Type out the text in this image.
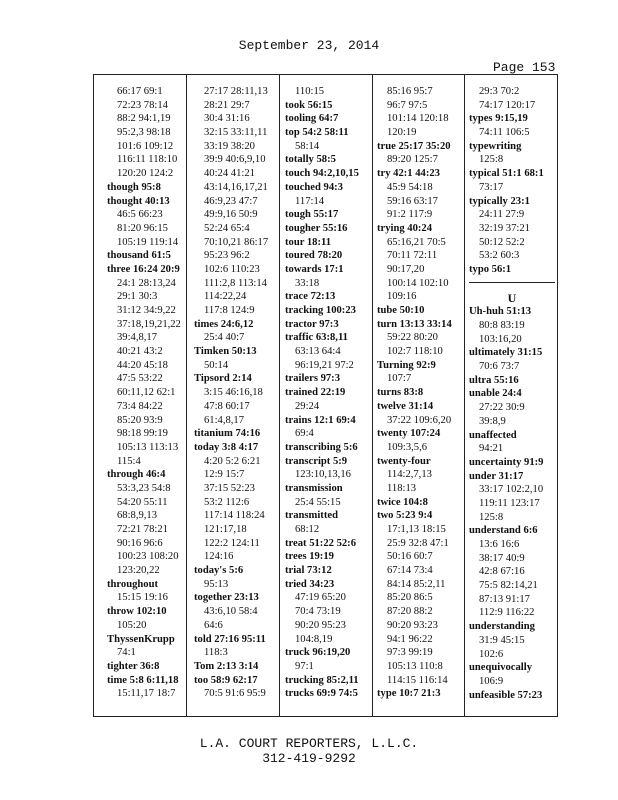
September 23, 2014
Page 153
66:17 69:1
72:23 78:14
88:2 94:1,19
95:2,3 98:18
101:6 109:12
116:11 118:10
120:20 124:2
though 95:8
thought 40:13
46:5 66:23
81:20 96:15
105:19 119:14
thousand 61:5
three 16:24 20:9
24:1 28:13,24
29:1 30:3
31:12 34:9,22
37:18,19,21,22
39:4,8,17
40:21 43:2
44:20 45:18
47:5 53:22
60:11,12 62:1
73:4 84:22
85:20 93:9
98:18 99:19
105:13 113:13
115:4
through 46:4
53:3,23 54:8
54:20 55:11
68:8,9,13
72:21 78:21
90:16 96:6
100:23 108:20
123:20,22
throughout
15:15 19:16
throw 102:10
105:20
ThyssenKrupp
74:1
tighter 36:8
time 5:8 6:11,18
15:11,17 18:7
27:17 28:11,13
28:21 29:7
30:4 31:16
32:15 33:11,11
33:19 38:20
39:9 40:6,9,10
40:24 41:21
43:14,16,17,21
46:9,23 47:7
49:9,16 50:9
52:24 65:4
70:10,21 86:17
95:23 96:2
102:6 110:23
111:2,8 113:14
114:22,24
117:8 124:9
times 24:6,12
25:4 40:7
Timken 50:13
50:14
Tipsord 2:14
3:15 46:16,18
47:8 60:17
61:4,8,17
titanium 74:16
today 3:8 4:17
4:20 5:2 6:21
12:9 15:7
37:15 52:23
53:2 112:6
117:14 118:24
121:17,18
122:2 124:11
124:16
today's 5:6
95:13
together 23:13
43:6,10 58:4
64:6
told 27:16 95:11
118:3
Tom 2:13 3:14
too 58:9 62:17
70:5 91:6 95:9
110:15
took 56:15
tooling 64:7
top 54:2 58:11
58:14
totally 58:5
touch 94:2,10,15
touched 94:3
117:14
tough 55:17
tougher 55:16
tour 18:11
toured 78:20
towards 17:1
33:18
trace 72:13
tracking 100:23
tractor 97:3
traffic 63:8,11
63:13 64:4
96:19,21 97:2
trailers 97:3
trained 22:19
29:24
trains 12:1 69:4
69:4
transcribing 5:6
transcript 5:9
123:10,13,16
transmission
25:4 55:15
transmitted
68:12
treat 51:22 52:6
trees 19:19
trial 73:12
tried 34:23
47:19 65:20
70:4 73:19
90:20 95:23
104:8,19
truck 96:19,20
97:1
trucking 85:2,11
trucks 69:9 74:5
85:16 95:7
96:7 97:5
101:14 120:18
120:19
true 25:17 35:20
89:20 125:7
try 42:1 44:23
45:9 54:18
59:16 63:17
91:2 117:9
trying 40:24
65:16,21 70:5
70:11 72:11
90:17,20
100:14 102:10
109:16
tube 50:10
turn 13:13 33:14
59:22 80:20
102:7 118:10
Turning 92:9
107:7
turns 83:8
twelve 31:14
37:22 109:6,20
twenty 107:24
109:3,5,6
twenty-four
114:2,7,13
118:13
twice 104:8
two 5:23 9:4
17:1,13 18:15
25:9 32:8 47:1
50:16 60:7
67:14 73:4
84:14 85:2,11
85:20 86:5
87:20 88:2
90:20 93:23
94:1 96:22
97:3 99:19
105:13 110:8
114:15 116:14
type 10:7 21:3
29:3 70:2
74:17 120:17
types 9:15,19
74:11 106:5
typewriting
125:8
typical 51:1 68:1
73:17
typically 23:1
24:11 27:9
32:19 37:21
50:12 52:2
53:2 60:3
typo 56:1
U
Uh-huh 51:13
80:8 83:19
103:16,20
ultimately 31:15
70:6 73:7
ultra 55:16
unable 24:4
27:22 30:9
39:8,9
unaffected
94:21
uncertainty 91:9
under 31:17
33:17 102:2,10
119:11 123:17
125:8
understand 6:6
13:6 16:6
38:17 40:9
42:8 67:16
75:5 82:14,21
87:13 91:17
112:9 116:22
understanding
31:9 45:15
102:6
unequivocally
106:9
unfeasible 57:23
L.A. COURT REPORTERS, L.L.C.
312-419-9292
